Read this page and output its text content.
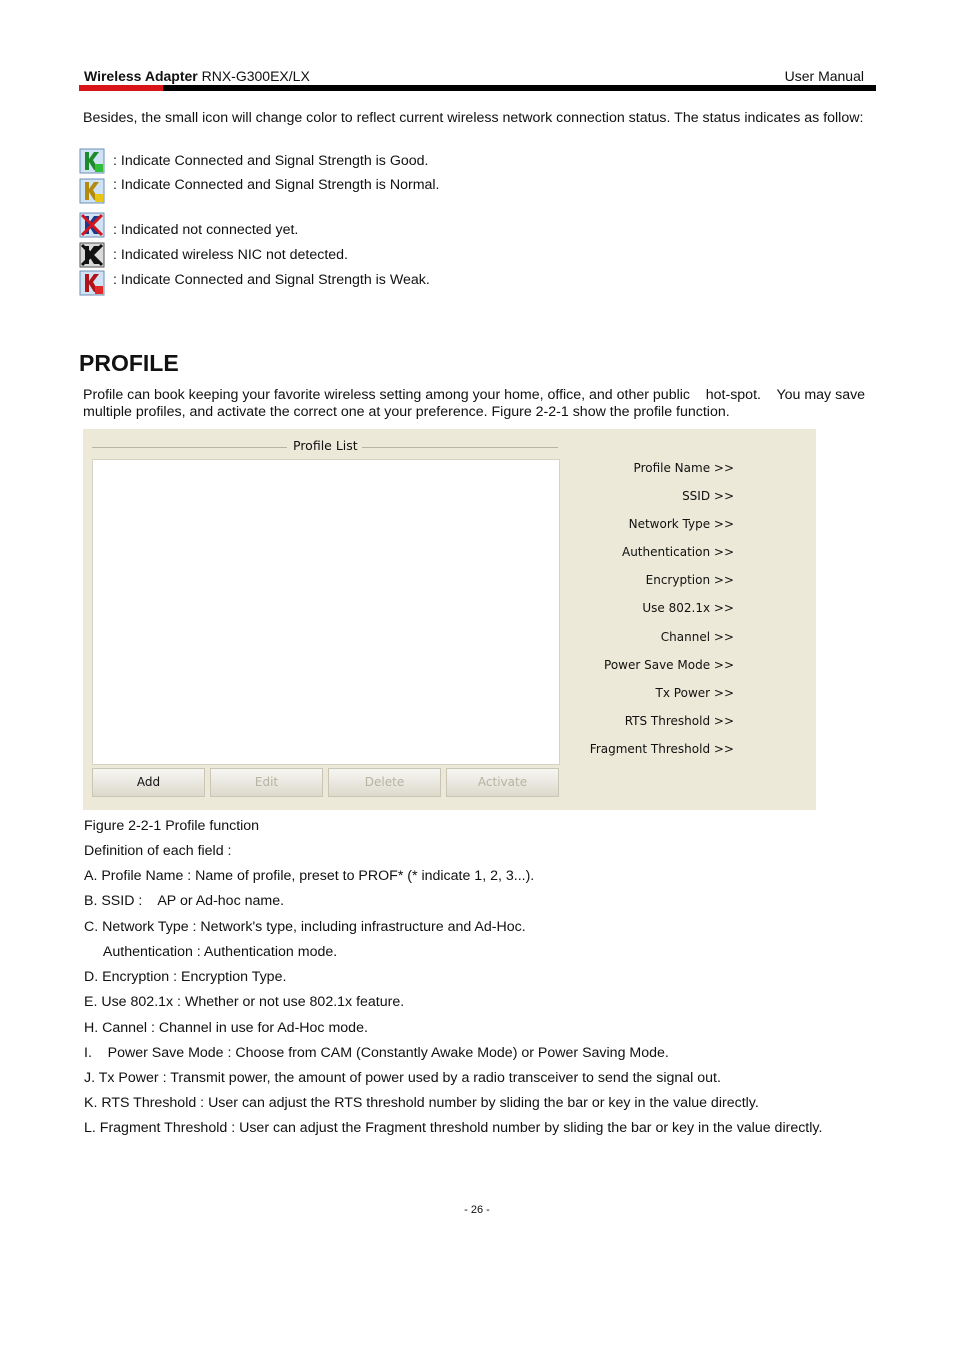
Wireless Adapter RNX-G300EX/LX	User Manual
Besides, the small icon will change color to reflect current wireless network connection status. The status indicates as follow:
: Indicate Connected and Signal Strength is Good.
: Indicate Connected and Signal Strength is Normal.
: Indicated not connected yet.
: Indicated wireless NIC not detected.
: Indicate Connected and Signal Strength is Weak.
PROFILE
Profile can book keeping your favorite wireless setting among your home, office, and other public    hot-spot.    You may save multiple profiles, and activate the correct one at your preference. Figure 2-2-1 show the profile function.
Profile List
Add	Edit	Delete	Activate
Profile Name >>
SSID >>
Network Type >>
Authentication >>
Encryption >>
Use 802.1x >>
Channel >>
Power Save Mode >>
Tx Power >>
RTS Threshold >>
Fragment Threshold >>
Figure 2-2-1 Profile function
Definition of each field :
A. Profile Name : Name of profile, preset to PROF* (* indicate 1, 2, 3...).
B. SSID :    AP or Ad-hoc name.
C. Network Type : Network's type, including infrastructure and Ad-Hoc.
Authentication : Authentication mode.
D. Encryption : Encryption Type.
E. Use 802.1x : Whether or not use 802.1x feature.
H. Cannel : Channel in use for Ad-Hoc mode.
I.    Power Save Mode : Choose from CAM (Constantly Awake Mode) or Power Saving Mode.
J. Tx Power : Transmit power, the amount of power used by a radio transceiver to send the signal out.
K. RTS Threshold : User can adjust the RTS threshold number by sliding the bar or key in the value directly.
L. Fragment Threshold : User can adjust the Fragment threshold number by sliding the bar or key in the value directly.
- 26 -
